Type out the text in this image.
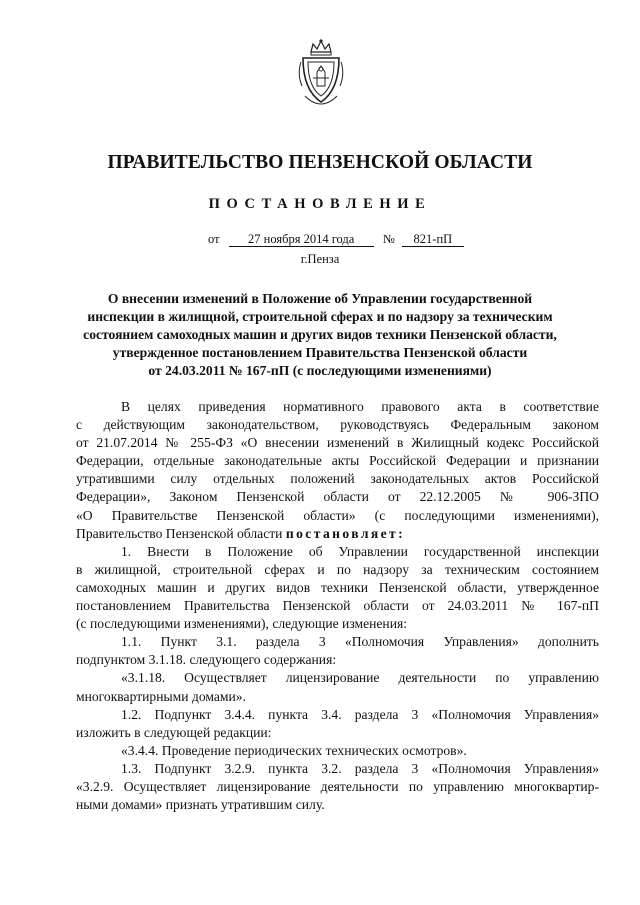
ПРАВИТЕЛЬСТВО ПЕНЗЕНСКОЙ ОБЛАСТИ
ПОСТАНОВЛЕНИЕ
от 27 ноября 2014 года № 821-пП
г.Пенза
О внесении изменений в Положение об Управлении государственной
инспекции в жилищной, строительной сферах и по надзору за техническим
состоянием самоходных машин и других видов техники Пензенской области,
утвержденное постановлением Правительства Пензенской области
от 24.03.2011 № 167-пП (с последующими изменениями)
В целях приведения нормативного правового акта в соответствие
с действующим законодательством, руководствуясь Федеральным законом
от 21.07.2014 № 255-ФЗ «О внесении изменений в Жилищный кодекс Российской
Федерации, отдельные законодательные акты Российской Федерации и признании
утратившими силу отдельных положений законодательных актов Российской
Федерации», Законом Пензенской области от 22.12.2005 № 906-ЗПО
«О Правительстве Пензенской области» (с последующими изменениями),
Правительство Пензенской области постановляет:
1. Внести в Положение об Управлении государственной инспекции
в жилищной, строительной сферах и по надзору за техническим состоянием
самоходных машин и других видов техники Пензенской области, утвержденное
постановлением Правительства Пензенской области от 24.03.2011 № 167-пП
(с последующими изменениями), следующие изменения:
1.1. Пункт 3.1. раздела 3 «Полномочия Управления» дополнить
подпунктом 3.1.18. следующего содержания:
«3.1.18. Осуществляет лицензирование деятельности по управлению
многоквартирными домами».
1.2. Подпункт 3.4.4. пункта 3.4. раздела 3 «Полномочия Управления»
изложить в следующей редакции:
«3.4.4. Проведение периодических технических осмотров».
1.3. Подпункт 3.2.9. пункта 3.2. раздела 3 «Полномочия Управления»
«3.2.9. Осуществляет лицензирование деятельности по управлению многоквартир-
ными домами» признать утратившим силу.
